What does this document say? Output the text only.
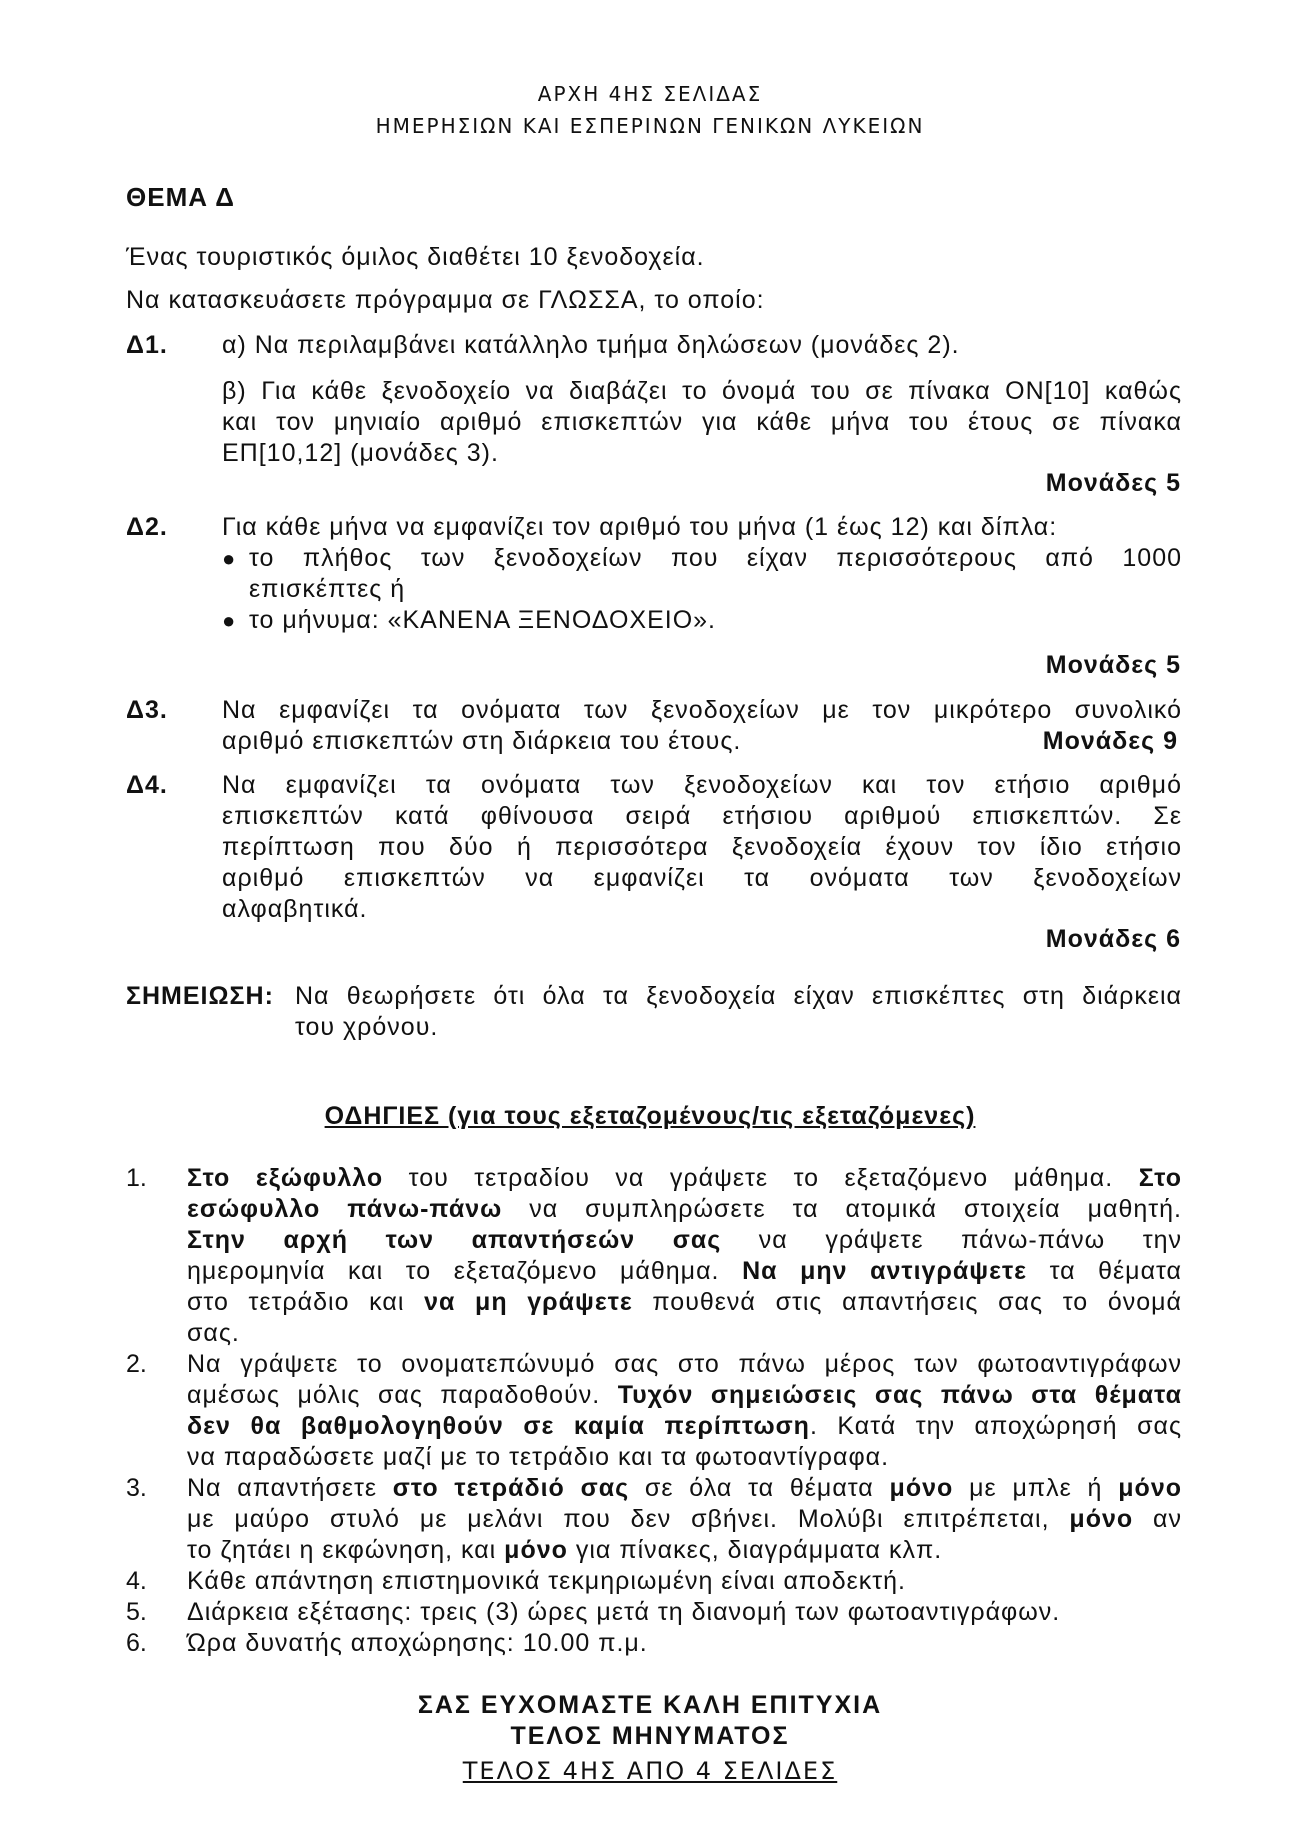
ΑΡΧΗ 4ΗΣ ΣΕΛΙΔΑΣ
ΗΜΕΡΗΣΙΩΝ ΚΑΙ ΕΣΠΕΡΙΝΩΝ ΓΕΝΙΚΩΝ ΛΥΚΕΙΩΝ
ΘΕΜΑ Δ
Ένας τουριστικός όμιλος διαθέτει 10 ξενοδοχεία.
Να κατασκευάσετε πρόγραμμα σε ΓΛΩΣΣΑ, το οποίο:
Δ1. α) Να περιλαμβάνει κατάλληλο τμήμα δηλώσεων (μονάδες 2).
β) Για κάθε ξενοδοχείο να διαβάζει το όνομά του σε πίνακα ΟΝ[10] καθώς
και τον μηνιαίο αριθμό επισκεπτών για κάθε μήνα του έτους σε πίνακα
ΕΠ[10,12] (μονάδες 3).
Μονάδες 5
Δ2. Για κάθε μήνα να εμφανίζει τον αριθμό του μήνα (1 έως 12) και δίπλα:
● το πλήθος των ξενοδοχείων που είχαν περισσότερους από 1000
επισκέπτες ή
● το μήνυμα: «ΚΑΝΕΝΑ ΞΕΝΟΔΟΧΕΙΟ».
Μονάδες 5
Δ3. Να εμφανίζει τα ονόματα των ξενοδοχείων με τον μικρότερο συνολικό
αριθμό επισκεπτών στη διάρκεια του έτους.	Μονάδες 9
Δ4. Να εμφανίζει τα ονόματα των ξενοδοχείων και τον ετήσιο αριθμό
επισκεπτών κατά φθίνουσα σειρά ετήσιου αριθμού επισκεπτών. Σε
περίπτωση που δύο ή περισσότερα ξενοδοχεία έχουν τον ίδιο ετήσιο
αριθμό επισκεπτών να εμφανίζει τα ονόματα των ξενοδοχείων
αλφαβητικά.
Μονάδες 6
ΣΗΜΕΙΩΣΗ: Να θεωρήσετε ότι όλα τα ξενοδοχεία είχαν επισκέπτες στη διάρκεια
του χρόνου.
ΟΔΗΓΙΕΣ (για τους εξεταζομένους/τις εξεταζόμενες)
1. Στο εξώφυλλο του τετραδίου να γράψετε το εξεταζόμενο μάθημα. Στο
εσώφυλλο πάνω-πάνω να συμπληρώσετε τα ατομικά στοιχεία μαθητή.
Στην αρχή των απαντήσεών σας να γράψετε πάνω-πάνω την
ημερομηνία και το εξεταζόμενο μάθημα. Να μην αντιγράψετε τα θέματα
στο τετράδιο και να μη γράψετε πουθενά στις απαντήσεις σας το όνομά
σας.
2. Να γράψετε το ονοματεπώνυμό σας στο πάνω μέρος των φωτοαντιγράφων
αμέσως μόλις σας παραδοθούν. Τυχόν σημειώσεις σας πάνω στα θέματα
δεν θα βαθμολογηθούν σε καμία περίπτωση. Κατά την αποχώρησή σας
να παραδώσετε μαζί με το τετράδιο και τα φωτοαντίγραφα.
3. Να απαντήσετε στο τετράδιό σας σε όλα τα θέματα μόνο με μπλε ή μόνο
με μαύρο στυλό με μελάνι που δεν σβήνει. Μολύβι επιτρέπεται, μόνο αν
το ζητάει η εκφώνηση, και μόνο για πίνακες, διαγράμματα κλπ.
4. Κάθε απάντηση επιστημονικά τεκμηριωμένη είναι αποδεκτή.
5. Διάρκεια εξέτασης: τρεις (3) ώρες μετά τη διανομή των φωτοαντιγράφων.
6. Ώρα δυνατής αποχώρησης: 10.00 π.μ.
ΣΑΣ ΕΥΧΟΜΑΣΤΕ ΚΑΛΗ ΕΠΙΤΥΧΙΑ
ΤΕΛΟΣ ΜΗΝΥΜΑΤΟΣ
ΤΕΛΟΣ 4ΗΣ ΑΠΟ 4 ΣΕΛΙΔΕΣ
